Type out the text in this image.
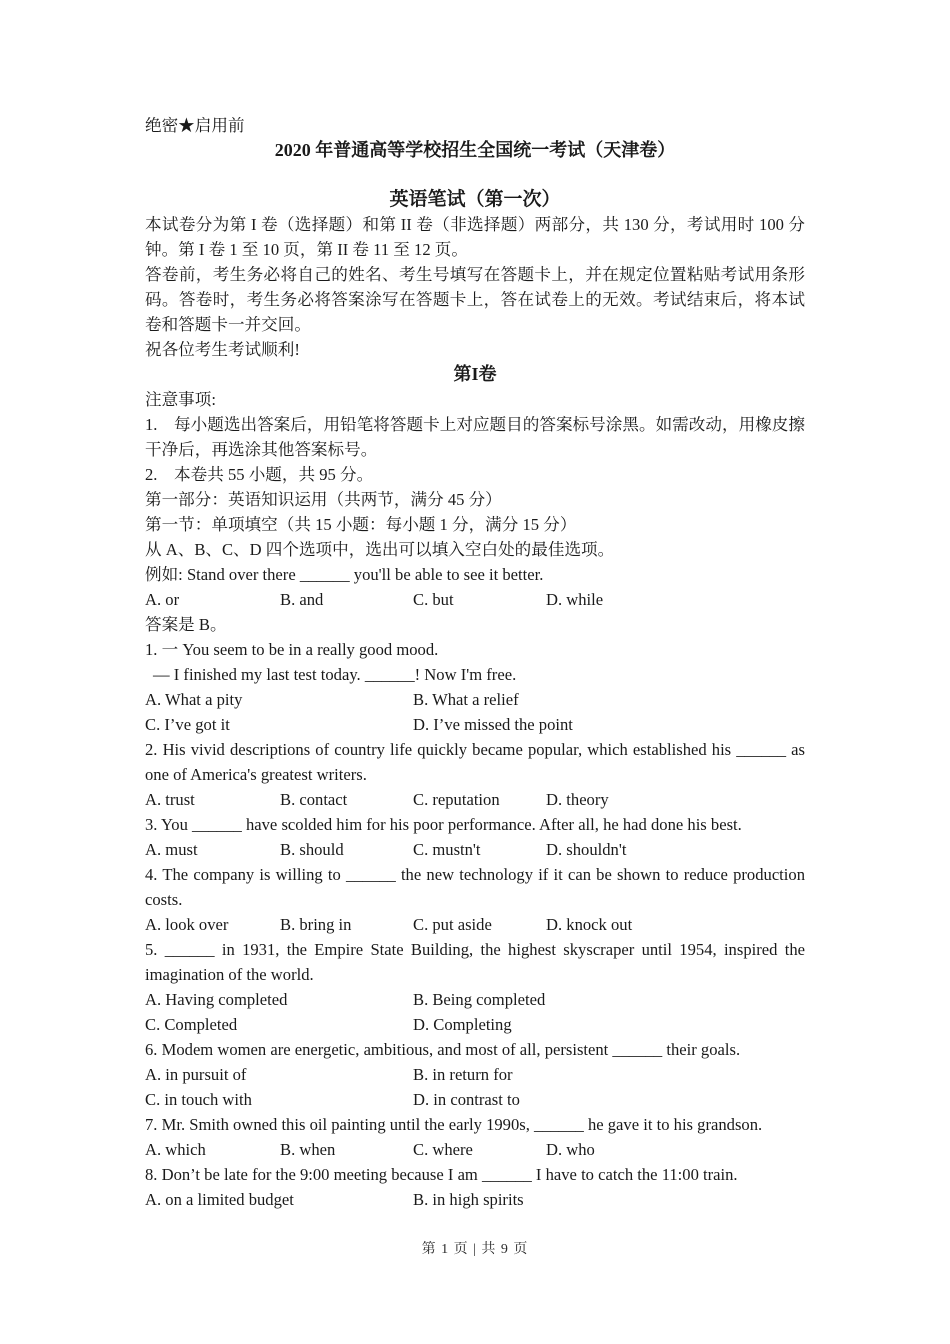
绝密★启用前
2020 年普通高等学校招生全国统一考试（天津卷）
英语笔试（第一次）
本试卷分为第 I 卷（选择题）和第 II 卷（非选择题）两部分，共 130 分，考试用时 100 分钟。第 I 卷 1 至 10 页，第 II 卷 11 至 12 页。
答卷前，考生务必将自己的姓名、考生号填写在答题卡上，并在规定位置粘贴考试用条形码。答卷时，考生务必将答案涂写在答题卡上，答在试卷上的无效。考试结束后，将本试卷和答题卡一并交回。
祝各位考生考试顺利!
第I卷
注意事项:
1.　每小题选出答案后，用铅笔将答题卡上对应题目的答案标号涂黑。如需改动，用橡皮擦干净后，再选涂其他答案标号。
2.　本卷共 55 小题，共 95 分。
第一部分：英语知识运用（共两节，满分 45 分）
第一节：单项填空（共 15 小题：每小题 1 分，满分 15 分）
从 A、B、C、D 四个选项中，选出可以填入空白处的最佳选项。
例如: Stand over there ______ you'll be able to see it better.
A. or	B. and	C. but	D. while
答案是 B。
1. 一 You seem to be in a really good mood.
— I finished my last test today. ______! Now I'm free.
A. What a pity	B. What a relief
C. I’ve got it	D. I’ve missed the point
2. His vivid descriptions of country life quickly became popular, which established his ______ as one of America's greatest writers.
A. trust	B. contact	C. reputation	D. theory
3. You ______ have scolded him for his poor performance. After all, he had done his best.
A. must	B. should	C. mustn't	D. shouldn't
4. The company is willing to ______ the new technology if it can be shown to reduce production costs.
A. look over	B. bring in	C. put aside	D. knock out
5. ______ in 1931, the Empire State Building, the highest skyscraper until 1954, inspired the imagination of the world.
A. Having completed	B. Being completed
C. Completed	D. Completing
6. Modem women are energetic, ambitious, and most of all, persistent ______ their goals.
A. in pursuit of	B. in return for
C. in touch with	D. in contrast to
7. Mr. Smith owned this oil painting until the early 1990s, ______ he gave it to his grandson.
A. which	B. when	C. where	D. who
8. Don’t be late for the 9:00 meeting because I am ______ I have to catch the 11:00 train.
A. on a limited budget	B. in high spirits
第 1 页 | 共 9 页
